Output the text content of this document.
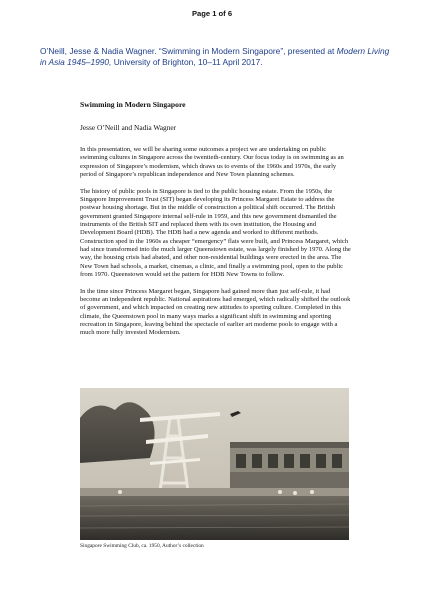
Page 1 of 6
O’Neill, Jesse & Nadia Wagner. “Swimming in Modern Singapore”, presented at Modern Living in Asia 1945–1990, University of Brighton, 10–11 April 2017.
Swimming in Modern Singapore
Jesse O’Neill and Nadia Wagner

In this presentation, we will be sharing some outcomes a project we are undertaking on public swimming cultures in Singapore across the twentieth-century. Our focus today is on swimming as an expression of Singapore’s modernism, which draws us to events of the 1960s and 1970s, the early period of Singapore’s republican independence and New Town planning schemes.

The history of public pools in Singapore is tied to the public housing estate. From the 1950s, the Singapore Improvement Trust (SIT) began developing its Princess Margaret Estate to address the postwar housing shortage. But in the middle of construction a political shift occurred. The British government granted Singapore internal self-rule in 1959, and this new government dismantled the instruments of the British SIT and replaced them with its own institution, the Housing and Development Board (HDB). The HDB had a new agenda and worked to different methods. Construction sped in the 1960s as cheaper “emergency” flats were built, and Princess Margaret, which had since transformed into the much larger Queenstown estate, was largely finished by 1970. Along the way, the housing crisis had abated, and other non-residential buildings were erected in the area. The New Town had schools, a market, cinemas, a clinic, and finally a swimming pool, open to the public from 1970. Queenstown would set the pattern for HDB New Towns to follow.

In the time since Princess Margaret began, Singapore had gained more than just self-rule, it had become an independent republic. National aspirations had emerged, which radically shifted the outlook of government, and which impacted on creating new attitudes to sporting culture. Completed in this climate, the Queenstown pool in many ways marks a significant shift in swimming and sporting recreation in Singapore, leaving behind the spectacle of earlier art moderne pools to engage with a much more fully invested Modernism.

Singapore Swimming Club, ca. 1950, Author’s collection
